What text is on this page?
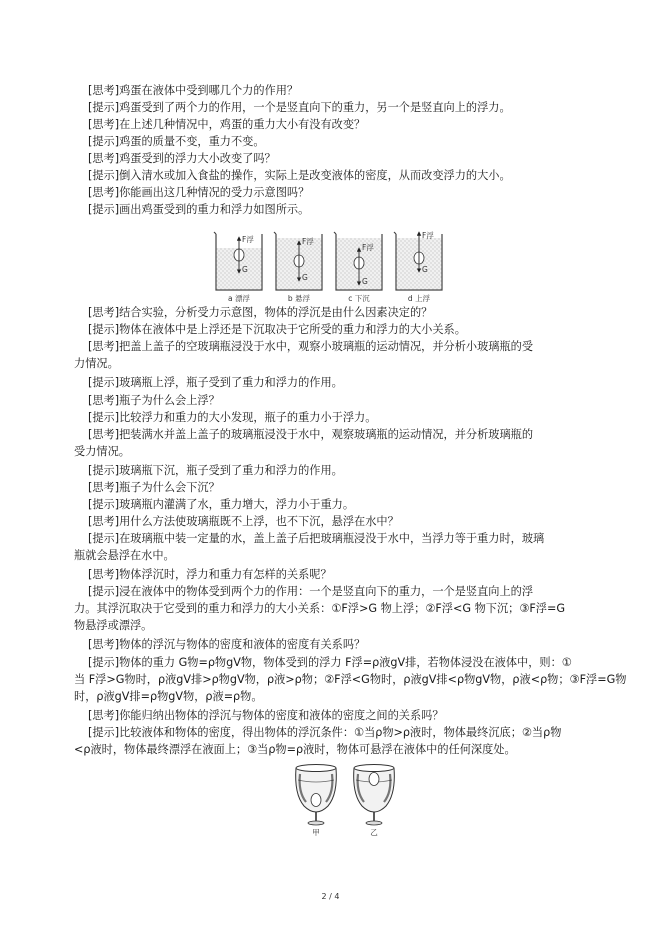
[思考]鸡蛋在液体中受到哪几个力的作用？
[提示]鸡蛋受到了两个力的作用，一个是竖直向下的重力，另一个是竖直向上的浮力。
[思考]在上述几种情况中，鸡蛋的重力大小有没有改变？
[提示]鸡蛋的质量不变，重力不变。
[思考]鸡蛋受到的浮力大小改变了吗？
[提示]倒入清水或加入食盐的操作，实际上是改变液体的密度，从而改变浮力的大小。
[思考]你能画出这几种情况的受力示意图吗？
[提示]画出鸡蛋受到的重力和浮力如图所示。
F浮
G
a 漂浮
F浮
G
b 悬浮
F浮
G
c 下沉
F浮
G
d 上浮
[思考]结合实验，分析受力示意图，物体的浮沉是由什么因素决定的？
[提示]物体在液体中是上浮还是下沉取决于它所受的重力和浮力的大小关系。
[思考]把盖上盖子的空玻璃瓶浸没于水中，观察小玻璃瓶的运动情况，并分析小玻璃瓶的受
力情况。
[提示]玻璃瓶上浮，瓶子受到了重力和浮力的作用。
[思考]瓶子为什么会上浮？
[提示]比较浮力和重力的大小发现，瓶子的重力小于浮力。
[思考]把装满水并盖上盖子的玻璃瓶浸没于水中，观察玻璃瓶的运动情况，并分析玻璃瓶的
受力情况。
[提示]玻璃瓶下沉，瓶子受到了重力和浮力的作用。
[思考]瓶子为什么会下沉？
[提示]玻璃瓶内灌满了水，重力增大，浮力小于重力。
[思考]用什么方法使玻璃瓶既不上浮，也不下沉，悬浮在水中？
[提示]在玻璃瓶中装一定量的水，盖上盖子后把玻璃瓶浸没于水中，当浮力等于重力时，玻璃
瓶就会悬浮在水中。
[思考]物体浮沉时，浮力和重力有怎样的关系呢？
[提示]浸在液体中的物体受到两个力的作用：一个是竖直向下的重力，一个是竖直向上的浮
力。其浮沉取决于它受到的重力和浮力的大小关系：①F浮>G 物上浮；②F浮<G 物下沉；③F浮=G
物悬浮或漂浮。
[思考]物体的浮沉与物体的密度和液体的密度有关系吗？
[提示]物体的重力 G物=ρ物gV物，物体受到的浮力 F浮=ρ液gV排，若物体浸没在液体中，则：①
当 F浮>G物时，ρ液gV排>ρ物gV物，ρ液>ρ物；②F浮<G物时，ρ液gV排<ρ物gV物，ρ液<ρ物；③F浮=G物
时，ρ液gV排=ρ物gV物，ρ液=ρ物。
[思考]你能归纳出物体的浮沉与物体的密度和液体的密度之间的关系吗？
[提示]比较液体和物体的密度，得出物体的浮沉条件：①当ρ物>ρ液时，物体最终沉底；②当ρ物
<ρ液时，物体最终漂浮在液面上；③当ρ物=ρ液时，物体可悬浮在液体中的任何深度处。
甲	乙
2 / 4
